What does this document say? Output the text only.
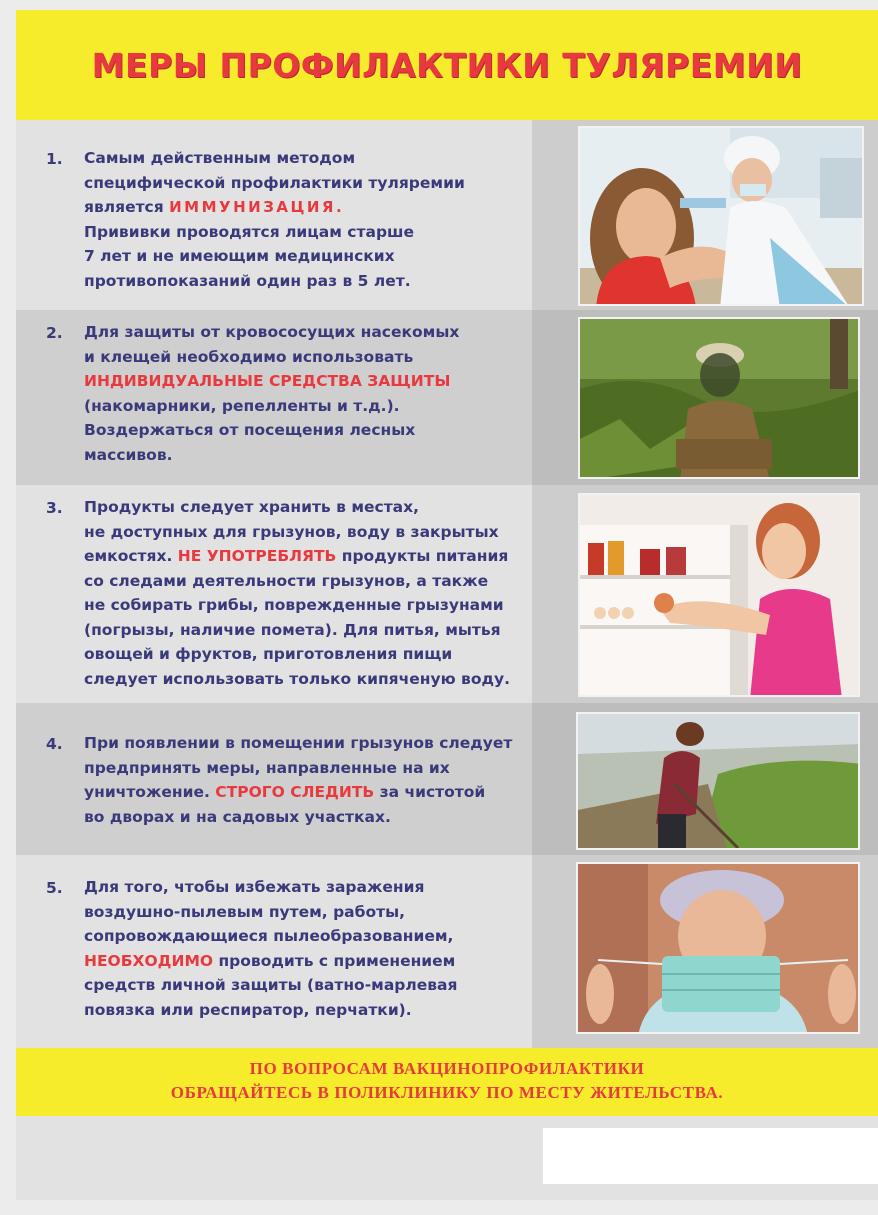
МЕРЫ ПРОФИЛАКТИКИ ТУЛЯРЕМИИ
1. Самым действенным методом
специфической профилактики туляремии
является ИММУНИЗАЦИЯ.
Прививки проводятся лицам старше
7 лет и не имеющим медицинских
противопоказаний один раз в 5 лет.
2. Для защиты от кровососущих насекомых
и клещей необходимо использовать
ИНДИВИДУАЛЬНЫЕ СРЕДСТВА ЗАЩИТЫ
(накомарники, репелленты и т.д.).
Воздержаться от посещения лесных
массивов.
3. Продукты следует хранить в местах,
не доступных для грызунов, воду в закрытых
емкостях. НЕ УПОТРЕБЛЯТЬ продукты питания
со следами деятельности грызунов, а также
не собирать грибы, поврежденные грызунами
(погрызы, наличие помета). Для питья, мытья
овощей и фруктов, приготовления пищи
следует использовать только кипяченую воду.
4. При появлении в помещении грызунов следует
предпринять меры, направленные на их
уничтожение. СТРОГО СЛЕДИТЬ за чистотой
во дворах и на садовых участках.
5. Для того, чтобы избежать заражения
воздушно-пылевым путем, работы,
сопровождающиеся пылеобразованием,
НЕОБХОДИМО проводить с применением
средств личной защиты (ватно-марлевая
повязка или респиратор, перчатки).
ПО ВОПРОСАМ ВАКЦИНОПРОФИЛАКТИКИ
ОБРАЩАЙТЕСЬ В ПОЛИКЛИНИКУ ПО МЕСТУ ЖИТЕЛЬСТВА.
